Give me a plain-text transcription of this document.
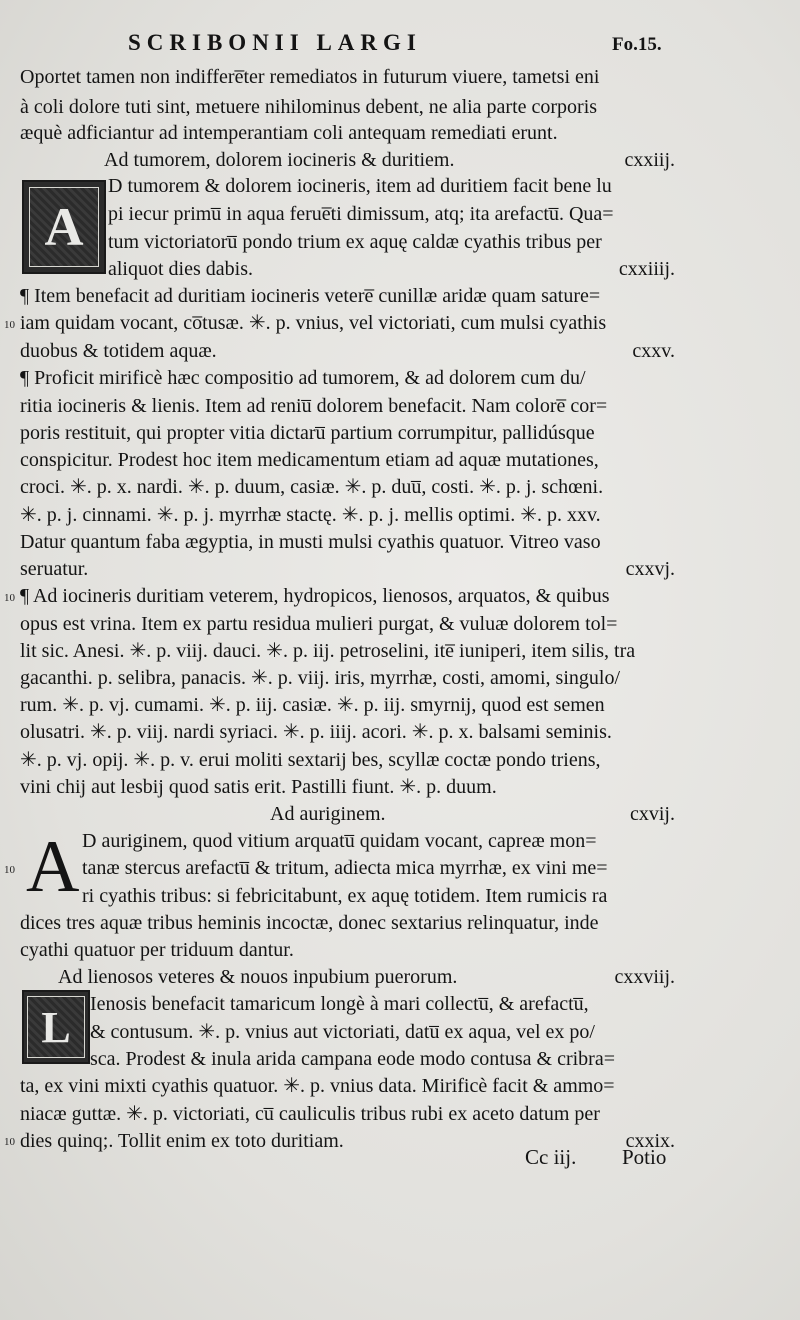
SCRIBONII LARGI	Fo.15.
Oportet tamen non indiffere̅ter remediatos in futurum viuere, tametsi eni
à coli dolore tuti sint, metuere nihilominus debent, ne alia parte corporis
æquè adficiantur ad intemperantiam coli antequam remediati erunt.
Ad tumorem, dolorem iocineris & duritiem.	cxxiij.
A
D tumorem & dolorem iocineris, item ad duritiem facit bene lu
pi iecur primu̅ in aqua ferue̅ti dimissum, atq; ita arefactu̅. Qua=
tum victoriatoru̅ pondo trium ex aquę caldæ cyathis tribus per
aliquot dies dabis.	cxxiiij.
¶ Item benefacit ad duritiam iocineris vetere̅ cunillæ aridæ quam sature=
10 iam quidam vocant, co̅tusæ. ✳. p. vnius, vel victoriati, cum mulsi cyathis
duobus & totidem aquæ.	cxxv.
¶ Proficit mirificè hæc compositio ad tumorem, & ad dolorem cum du/
ritia iocineris & lienis. Item ad reniu̅ dolorem benefacit. Nam colore̅ cor=
poris restituit, qui propter vitia dictaru̅ partium corrumpitur, pallidúsque
conspicitur. Prodest hoc item medicamentum etiam ad aquæ mutationes,
croci. ✳. p. x. nardi. ✳. p. duum, casiæ. ✳. p. duu̅, costi. ✳. p. j. schœni.
✳. p. j. cinnami. ✳. p. j. myrrhæ stactę. ✳. p. j. mellis optimi. ✳. p. xxv.
Datur quantum faba ægyptia, in musti mulsi cyathis quatuor. Vitreo vaso
seruatur.	cxxvj.
10 ¶ Ad iocineris duritiam veterem, hydropicos, lienosos, arquatos, & quibus
opus est vrina. Item ex partu residua mulieri purgat, & vuluæ dolorem tol=
lit sic. Anesi. ✳. p. viij. dauci. ✳. p. iij. petroselini, ite̅ iuniperi, item silis, tra
gacanthi. p. selibra, panacis. ✳. p. viij. iris, myrrhæ, costi, amomi, singulo/
rum. ✳. p. vj. cumami. ✳. p. iij. casiæ. ✳. p. iij. smyrnij, quod est semen
olusatri. ✳. p. viij. nardi syriaci. ✳. p. iiij. acori. ✳. p. x. balsami seminis.
✳. p. vj. opij. ✳. p. v. erui moliti sextarij bes, scyllæ coctæ pondo triens,
vini chij aut lesbij quod satis erit. Pastilli fiunt. ✳. p. duum.
Ad auriginem.	cxvij.
A
10
D auriginem, quod vitium arquatu̅ quidam vocant, capreæ mon=
tanæ stercus arefactu̅ & tritum, adiecta mica myrrhæ, ex vini me=
ri cyathis tribus: si febricitabunt, ex aquę totidem. Item rumicis ra
dices tres aquæ tribus heminis incoctæ, donec sextarius relinquatur, inde
cyathi quatuor per triduum dantur.
Ad lienosos veteres & nouos inpubium puerorum.	cxxviij.
L Ienosis benefacit tamaricum longè à mari collectu̅, & arefactu̅,
& contusum. ✳. p. vnius aut victoriati, datu̅ ex aqua, vel ex po/
sca. Prodest & inula arida campana eode modo contusa & cribra=
ta, ex vini mixti cyathis quatuor. ✳. p. vnius data. Mirificè facit & ammo=
niacæ guttæ. ✳. p. victoriati, cu̅ cauliculis tribus rubi ex aceto datum per
10 dies quinq;. Tollit enim ex toto duritiam.	cxxix.
Cc iij. Potio
